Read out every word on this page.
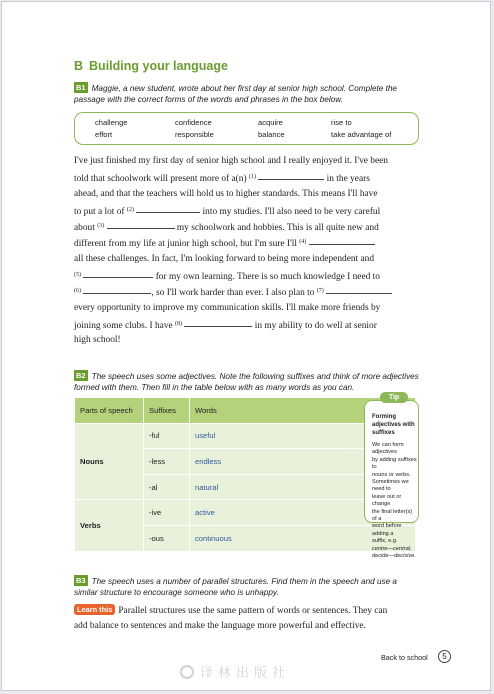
B Building your language
B1 Maggie, a new student, wrote about her first day at senior high school. Complete the
passage with the correct forms of the words and phrases in the box below.
challenge	confidence	acquire	rise to
effort	responsible	balance	take advantage of
I've just finished my first day of senior high school and I really enjoyed it. I've been
told that schoolwork will present more of a(n) $^{(1)}$	in the years
ahead, and that the teachers will hold us to higher standards. This means I'll have
to put a lot of $^{(2)}$	into my studies. I'll also need to be very careful
about $^{(3)}$	my schoolwork and hobbies. This is all quite new and
different from my life at junior high school, but I'm sure I'll $^{(4)}$
all these challenges. In fact, I'm looking forward to being more independent and
$^{(5)}$	for my own learning. There is so much knowledge I need to
$^{(6)}$	, so I'll work harder than ever. I also plan to $^{(7)}$
every opportunity to improve my communication skills. I'll make more friends by
joining some clubs. I have $^{(8)}$	in my ability to do well at senior
high school!
B2 The speech uses some adjectives. Note the following suffixes and think of more adjectives
formed with them. Then fill in the table below with as many words as you can.
Parts of speech	Suffixes	Words
Nouns	-ful	useful
	-less	endless
	-al	natural
Verbs	-ive	active
	-ous	continuous
Forming adjectives with suffixes
We can form adjectives
by adding suffixes to
nouns or verbs.
Sometimes we need to
leave out or change
the final letter(s) of a
word before adding a
suffix, e.g.
centre—central,
decide—decisive.
Tip
B3 The speech uses a number of parallel structures. Find them in the speech and use a
similar structure to encourage someone who is unhappy.
Learn this Parallel structures use the same pattern of words or sentences. They can
add balance to sentences and make the language more powerful and effective.
Back to school	5
译林出版社
